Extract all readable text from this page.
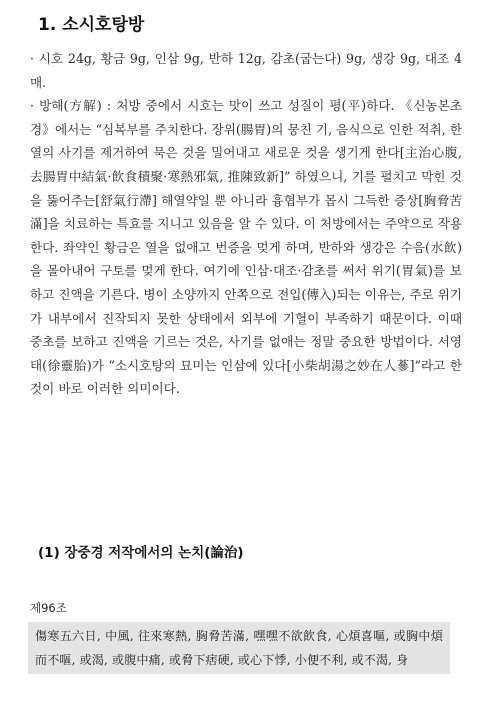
1. 소시호탕방

· 시호 24g, 황금 9g, 인삼 9g, 반하 12g, 감초(굽는다) 9g, 생강 9g, 대조 4매.

· 방해(方解) : 처방 중에서 시호는 맛이 쓰고 성질이 평(平)하다. 《신농본초경》에서는 “심복부를 주치한다. 장위(腸胃)의 뭉친 기, 음식으로 인한 적취, 한열의 사기를 제거하여 묵은 것을 밀어내고 새로운 것을 생기게 한다[主治心腹, 去腸胃中結氣·飮食積聚·寒熱邪氣, 推陳致新]” 하였으니, 기를 펼치고 막힌 것을 뚫어주는[舒氣行滯] 해열약일 뿐 아니라 흉협부가 몹시 그득한 증상[胸脅苦滿]을 치료하는 특효를 지니고 있음을 알 수 있다. 이 처방에서는 주약으로 작용한다. 좌약인 황금은 열을 없애고 번증을 멎게 하며, 반하와 생강은 수음(水飮)을 몰아내어 구토를 멎게 한다. 여기에 인삼·대조·감초를 써서 위기(胃氣)를 보하고 진액을 기른다. 병이 소양까지 안쪽으로 전입(傳入)되는 이유는, 주로 위기가 내부에서 진작되지 못한 상태에서 외부에 기혈이 부족하기 때문이다. 이때 중초를 보하고 진액을 기르는 것은, 사기를 없애는 정말 중요한 방법이다. 서영태(徐靈胎)가 “소시호탕의 묘미는 인삼에 있다[小柴胡湯之妙在人蔘]”라고 한 것이 바로 이러한 의미이다.

(1) 장중경 저작에서의 논치(論治)
제96조
傷寒五六日, 中風, 往來寒熱, 胸脅苦滿, 嘿嘿不欲飮食, 心煩喜嘔, 或胸中煩而不嘔, 或渴, 或腹中痛, 或脅下痞硬, 或心下悸, 小便不利, 或不渴, 身
